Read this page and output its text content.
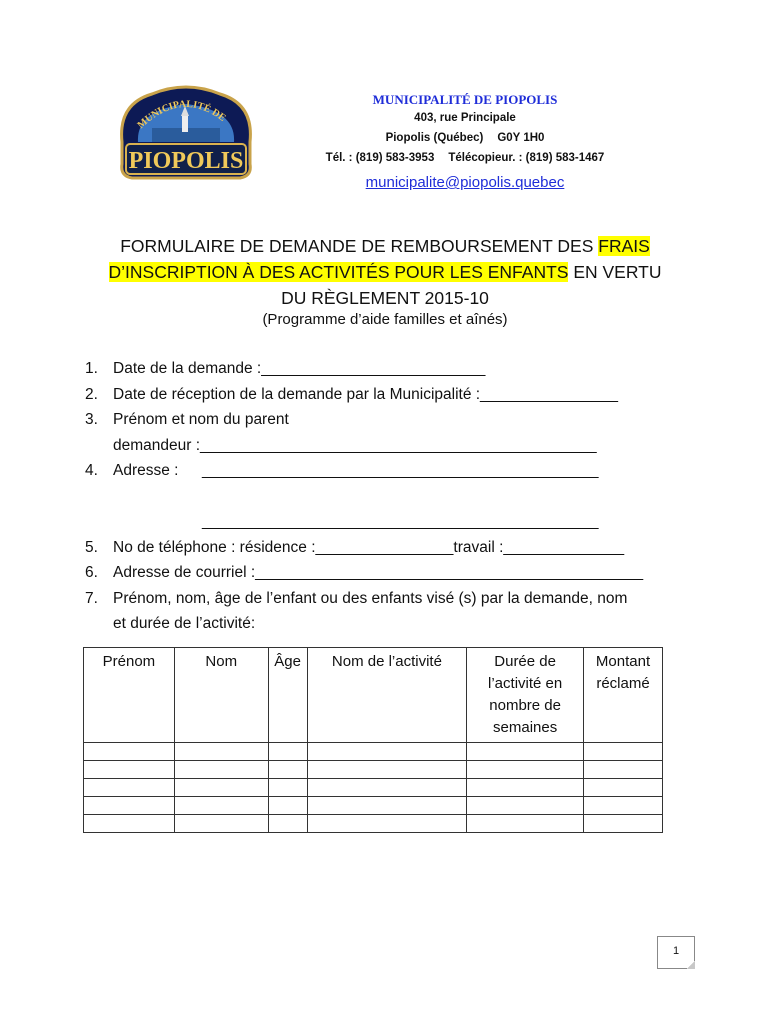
PIOPOLIS
MUNICIPALITÉ DE
MUNICIPALITÉ DE PIOPOLIS
403, rue Principale
Piopolis (Québec) G0Y 1H0
Tél. : (819) 583-3953 Télécopieur. : (819) 583-1467
municipalite@piopolis.quebec
FORMULAIRE DE DEMANDE DE REMBOURSEMENT DES FRAIS D’INSCRIPTION À DES ACTIVITÉS POUR LES ENFANTS EN VERTU DU RÈGLEMENT 2015-10
(Programme d’aide familles et aînés)
1. Date de la demande :__________________________
2. Date de réception de la demande par la Municipalité :________________
3. Prénom et nom du parent
demandeur :______________________________________________
4. Adresse : ______________________________________________

______________________________________________
5. No de téléphone : résidence :________________travail :______________
6. Adresse de courriel :_____________________________________________
7. Prénom, nom, âge de l’enfant ou des enfants visé (s) par la demande, nom
et durée de l’activité:
Prénom	Nom	Âge	Nom de l’activité	Durée de l’activité en nombre de semaines	Montant réclamé

1
